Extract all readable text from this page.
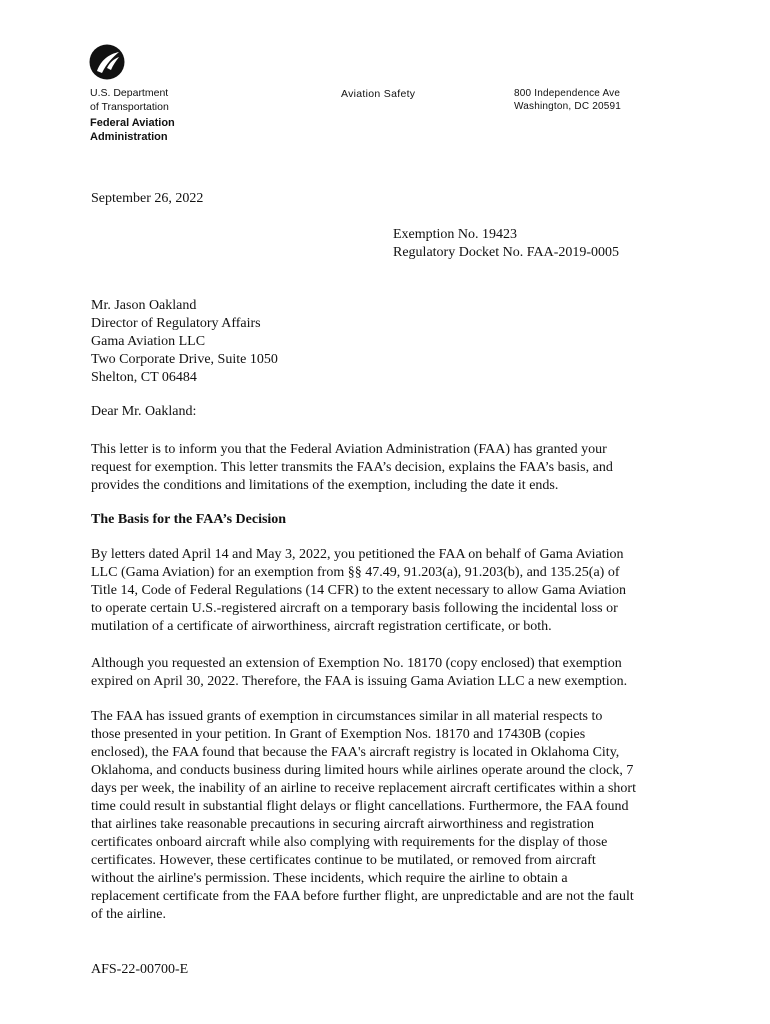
U.S. Department
of Transportation
Federal Aviation
Administration
Aviation Safety	800 Independence Ave
Washington, DC 20591
September 26, 2022
Exemption No. 19423
Regulatory Docket No. FAA-2019-0005
Mr. Jason Oakland
Director of Regulatory Affairs
Gama Aviation LLC
Two Corporate Drive, Suite 1050
Shelton, CT 06484
Dear Mr. Oakland:
This letter is to inform you that the Federal Aviation Administration (FAA) has granted your
request for exemption. This letter transmits the FAA’s decision, explains the FAA’s basis, and
provides the conditions and limitations of the exemption, including the date it ends.
The Basis for the FAA’s Decision
By letters dated April 14 and May 3, 2022, you petitioned the FAA on behalf of Gama Aviation
LLC (Gama Aviation) for an exemption from §§ 47.49, 91.203(a), 91.203(b), and 135.25(a) of
Title 14, Code of Federal Regulations (14 CFR) to the extent necessary to allow Gama Aviation
to operate certain U.S.-registered aircraft on a temporary basis following the incidental loss or
mutilation of a certificate of airworthiness, aircraft registration certificate, or both.
Although you requested an extension of Exemption No. 18170 (copy enclosed) that exemption
expired on April 30, 2022. Therefore, the FAA is issuing Gama Aviation LLC a new exemption.
The FAA has issued grants of exemption in circumstances similar in all material respects to
those presented in your petition. In Grant of Exemption Nos. 18170 and 17430B (copies
enclosed), the FAA found that because the FAA's aircraft registry is located in Oklahoma City,
Oklahoma, and conducts business during limited hours while airlines operate around the clock, 7
days per week, the inability of an airline to receive replacement aircraft certificates within a short
time could result in substantial flight delays or flight cancellations. Furthermore, the FAA found
that airlines take reasonable precautions in securing aircraft airworthiness and registration
certificates onboard aircraft while also complying with requirements for the display of those
certificates. However, these certificates continue to be mutilated, or removed from aircraft
without the airline's permission. These incidents, which require the airline to obtain a
replacement certificate from the FAA before further flight, are unpredictable and are not the fault
of the airline.
AFS-22-00700-E
